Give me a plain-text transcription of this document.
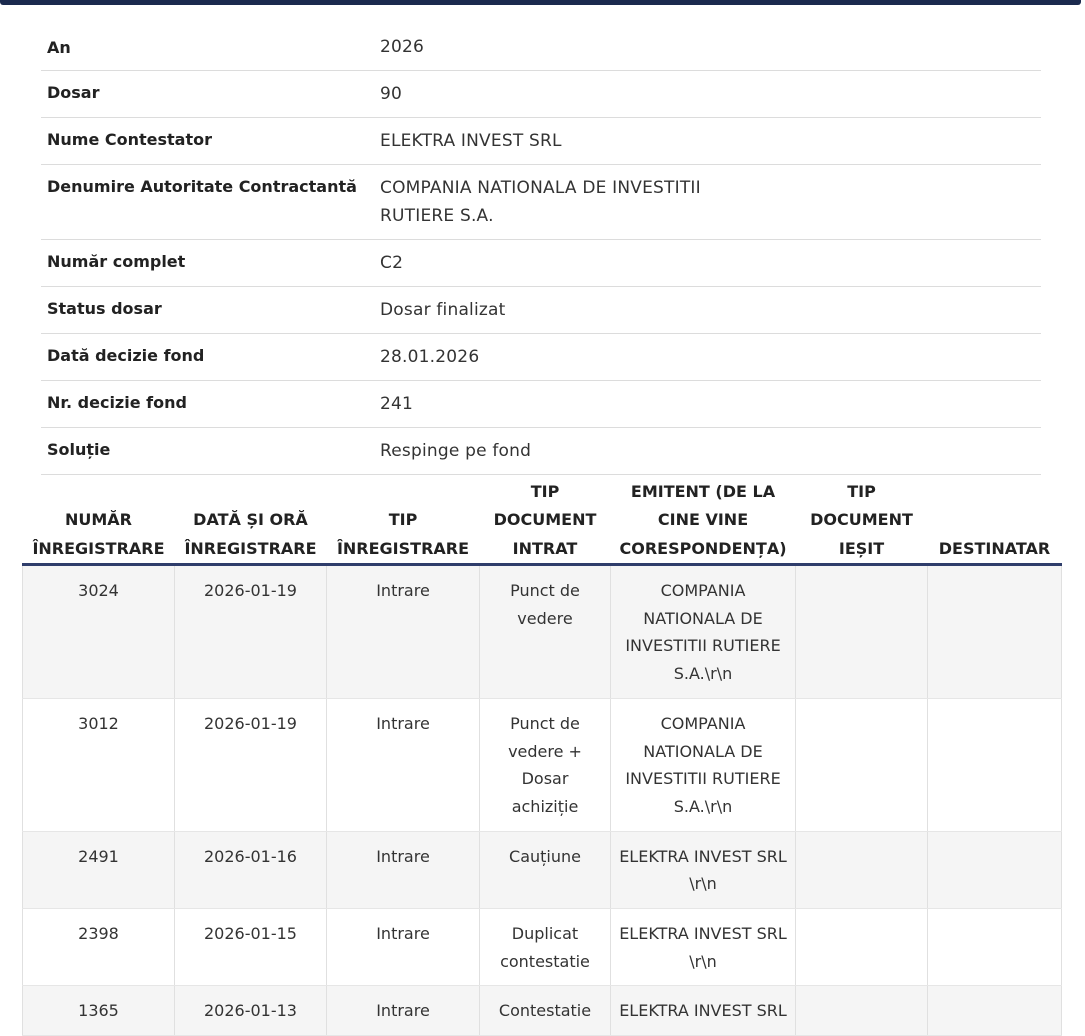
An	2026
Dosar	90
Nume Contestator	ELEKTRA INVEST SRL
Denumire Autoritate Contractantă	COMPANIA NATIONALA DE INVESTITII
RUTIERE S.A.
Număr complet	C2
Status dosar	Dosar finalizat
Dată decizie fond	28.01.2026
Nr. decizie fond	241
Soluție	Respinge pe fond
NUMĂR ÎNREGISTRARE	DATĂ ȘI ORĂ ÎNREGISTRARE	TIP ÎNREGISTRARE	TIP DOCUMENT INTRAT	EMITENT (DE LA CINE VINE CORESPONDENȚA)	TIP DOCUMENT IEȘIT	DESTINATAR
3024	2026-01-19	Intrare	Punct de vedere	COMPANIA NATIONALA DE INVESTITII RUTIERE S.A.\r\n		
3012	2026-01-19	Intrare	Punct de vedere + Dosar achiziție	COMPANIA NATIONALA DE INVESTITII RUTIERE S.A.\r\n		
2491	2026-01-16	Intrare	Cauțiune	ELEKTRA INVEST SRL \r\n		
2398	2026-01-15	Intrare	Duplicat contestatie	ELEKTRA INVEST SRL \r\n		
1365	2026-01-13	Intrare	Contestatie	ELEKTRA INVEST SRL		
